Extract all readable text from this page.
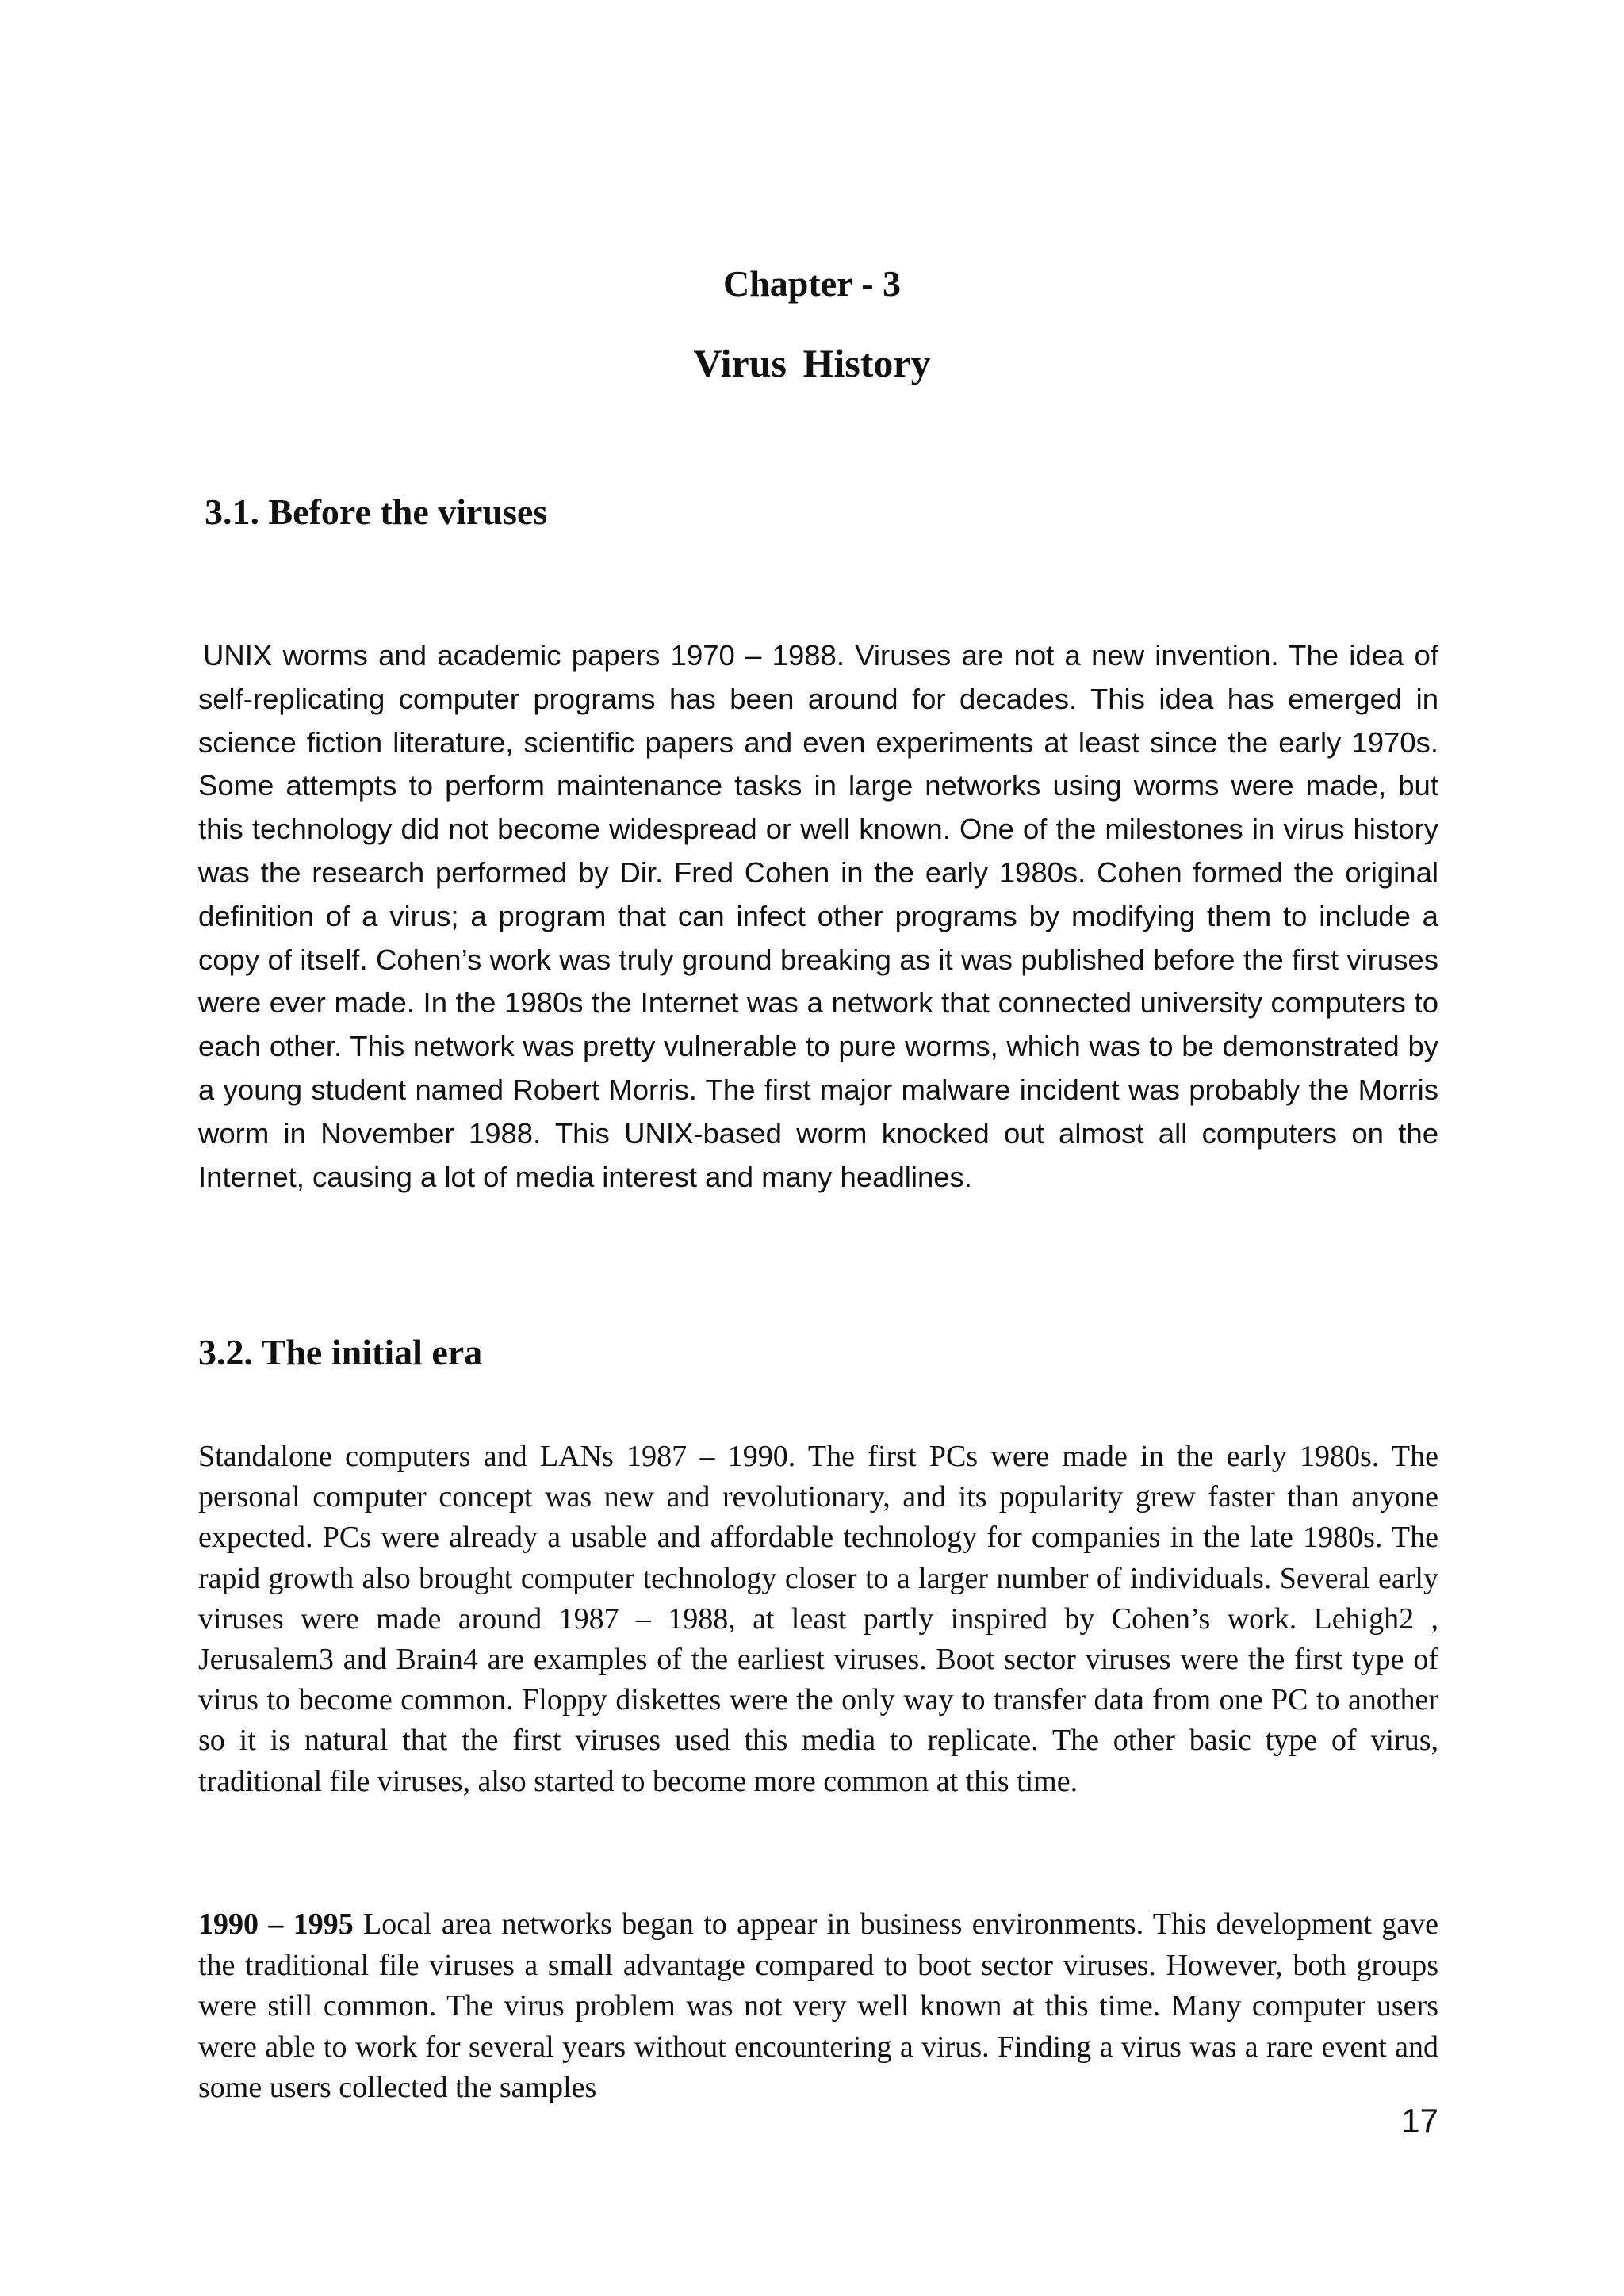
Chapter - 3
Virus History
3.1. Before the viruses

UNIX worms and academic papers 1970 – 1988. Viruses are not a new invention. The idea of self-replicating computer programs has been around for decades. This idea has emerged in science fiction literature, scientific papers and even experiments at least since the early 1970s. Some attempts to perform maintenance tasks in large networks using worms were made, but this technology did not become widespread or well known. One of the milestones in virus history was the research performed by Dir. Fred Cohen in the early 1980s. Cohen formed the original definition of a virus; a program that can infect other programs by modifying them to include a copy of itself. Cohen’s work was truly ground breaking as it was published before the first viruses were ever made. In the 1980s the Internet was a network that connected university computers to each other. This network was pretty vulnerable to pure worms, which was to be demonstrated by a young student named Robert Morris. The first major malware incident was probably the Morris worm in November 1988. This UNIX-based worm knocked out almost all computers on the Internet, causing a lot of media interest and many headlines.

3.2. The initial era

Standalone computers and LANs 1987 – 1990. The first PCs were made in the early 1980s. The personal computer concept was new and revolutionary, and its popularity grew faster than anyone expected. PCs were already a usable and affordable technology for companies in the late 1980s. The rapid growth also brought computer technology closer to a larger number of individuals. Several early viruses were made around 1987 – 1988, at least partly inspired by Cohen’s work. Lehigh2 , Jerusalem3 and Brain4 are examples of the earliest viruses. Boot sector viruses were the first type of virus to become common. Floppy diskettes were the only way to transfer data from one PC to another so it is natural that the first viruses used this media to replicate. The other basic type of virus, traditional file viruses, also started to become more common at this time.

1990 – 1995 Local area networks began to appear in business environments. This development gave the traditional file viruses a small advantage compared to boot sector viruses. However, both groups were still common. The virus problem was not very well known at this time. Many computer users were able to work for several years without encountering a virus. Finding a virus was a rare event and some users collected the samples

17
